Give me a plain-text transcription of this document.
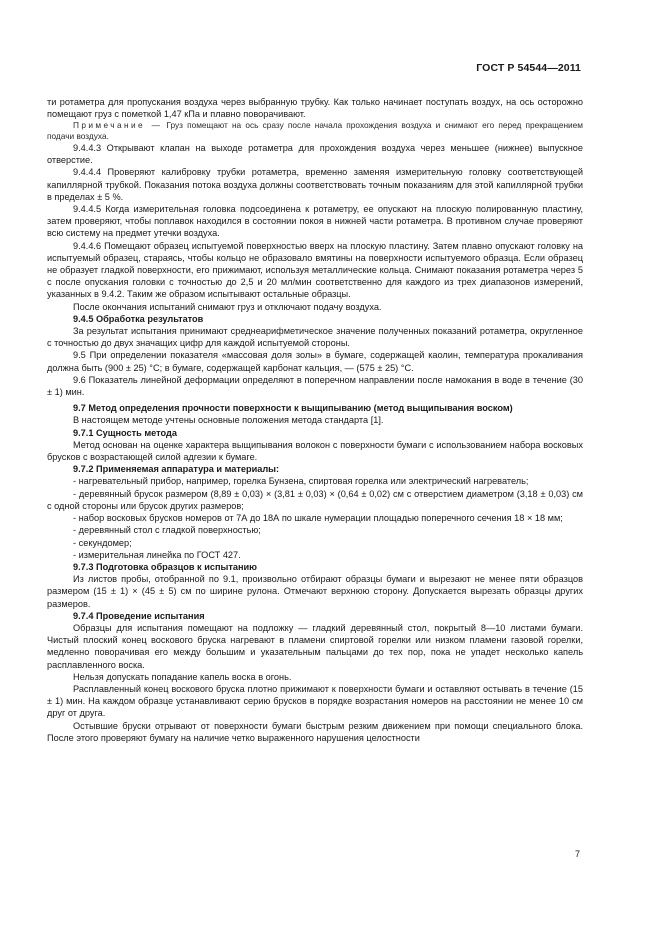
ГОСТ Р 54544—2011

ти ротаметра для пропускания воздуха через выбранную трубку. Как только начинает поступать воздух, на ось осторожно помещают груз с пометкой 1,47 кПа и плавно поворачивают.

Примечание — Груз помещают на ось сразу после начала прохождения воздуха и снимают его перед прекращением подачи воздуха.

9.4.4.3 Открывают клапан на выходе ротаметра для прохождения воздуха через меньшее (нижнее) выпускное отверстие.

9.4.4.4 Проверяют калибровку трубки ротаметра, временно заменяя измерительную головку соответствующей капиллярной трубкой. Показания потока воздуха должны соответствовать точным показаниям для этой капиллярной трубки в пределах ± 5 %.

9.4.4.5 Когда измерительная головка подсоединена к ротаметру, ее опускают на плоскую полированную пластину, затем проверяют, чтобы поплавок находился в состоянии покоя в нижней части ротаметра. В противном случае проверяют всю систему на предмет утечки воздуха.

9.4.4.6 Помещают образец испытуемой поверхностью вверх на плоскую пластину. Затем плавно опускают головку на испытуемый образец, стараясь, чтобы кольцо не образовало вмятины на поверхности испытуемого образца. Если образец не образует гладкой поверхности, его прижимают, используя металлические кольца. Снимают показания ротаметра через 5 с после опускания головки с точностью до 2,5 и 20 мл/мин соответственно для каждого из трех диапазонов измерений, указанных в 9.4.2. Таким же образом испытывают остальные образцы.

После окончания испытаний снимают груз и отключают подачу воздуха.

9.4.5 Обработка результатов

За результат испытания принимают среднеарифметическое значение полученных показаний ротаметра, округленное с точностью до двух значащих цифр для каждой испытуемой стороны.

9.5 При определении показателя «массовая доля золы» в бумаге, содержащей каолин, температура прокаливания должна быть (900 ± 25) °С; в бумаге, содержащей карбонат кальция, — (575 ± 25) °С.

9.6 Показатель линейной деформации определяют в поперечном направлении после намокания в воде в течение (30 ± 1) мин.

9.7 Метод определения прочности поверхности к выщипыванию (метод выщипывания воском)

В настоящем методе учтены основные положения метода стандарта [1].

9.7.1 Сущность метода

Метод основан на оценке характера выщипывания волокон с поверхности бумаги с использованием набора восковых брусков с возрастающей силой адгезии к бумаге.

9.7.2 Применяемая аппаратура и материалы:

- нагревательный прибор, например, горелка Бунзена, спиртовая горелка или электрический нагреватель;

- деревянный брусок размером (8,89 ± 0,03) × (3,81 ± 0,03) × (0,64 ± 0,02) см с отверстием диаметром (3,18 ± 0,03) см с одной стороны или брусок других размеров;

- набор восковых брусков номеров от 7А до 18А по шкале нумерации площадью поперечного сечения 18 × 18 мм;

- деревянный стол с гладкой поверхностью;

- секундомер;

- измерительная линейка по ГОСТ 427.

9.7.3 Подготовка образцов к испытанию

Из листов пробы, отобранной по 9.1, произвольно отбирают образцы бумаги и вырезают не менее пяти образцов размером (15 ± 1) × (45 ± 5) см по ширине рулона. Отмечают верхнюю сторону. Допускается вырезать образцы других размеров.

9.7.4 Проведение испытания

Образцы для испытания помещают на подложку — гладкий деревянный стол, покрытый 8—10 листами бумаги. Чистый плоский конец воскового бруска нагревают в пламени спиртовой горелки или низком пламени газовой горелки, медленно поворачивая его между большим и указательным пальцами до тех пор, пока не упадет несколько капель расплавленного воска.

Нельзя допускать попадание капель воска в огонь.

Расплавленный конец воскового бруска плотно прижимают к поверхности бумаги и оставляют остывать в течение (15 ± 1) мин. На каждом образце устанавливают серию брусков в порядке возрастания номеров на расстоянии не менее 10 см друг от друга.

Остывшие бруски отрывают от поверхности бумаги быстрым резким движением при помощи специального блока. После этого проверяют бумагу на наличие четко выраженного нарушения целостности

7
